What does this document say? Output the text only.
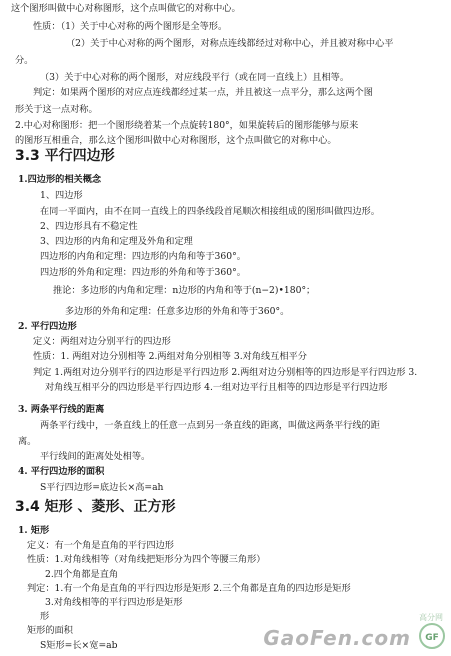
这个图形叫做中心对称图形，这个点叫做它的对称中心。
性质：（1）关于中心对称的两个图形是全等形。
（2）关于中心对称的两个图形，对称点连线都经过对称中心，并且被对称中心平
分。
（3）关于中心对称的两个图形，对应线段平行（或在同一直线上）且相等。
判定：如果两个图形的对应点连线都经过某一点，并且被这一点平分，那么这两个图
形关于这一点对称。
2.中心对称图形：把一个图形绕着某一个点旋转180°，如果旋转后的图形能够与原来
的图形互相重合，那么这个图形叫做中心对称图形，这个点叫做它的对称中心。
3.3 平行四边形
1.四边形的相关概念
1、四边形
在同一平面内，由不在同一直线上的四条线段首尾顺次相接组成的图形叫做四边形。
2、四边形具有不稳定性
3、四边形的内角和定理及外角和定理
四边形的内角和定理：四边形的内角和等于360°。
四边形的外角和定理：四边形的外角和等于360°。
推论：多边形的内角和定理：n边形的内角和等于(n−2)•180°；
多边形的外角和定理：任意多边形的外角和等于360°。
2. 平行四边形
定义：两组对边分别平行的四边形
性质：1. 两组对边分别相等 2.两组对角分别相等 3.对角线互相平分
判定 1.两组对边分别平行的四边形是平行四边形 2.两组对边分别相等的四边形是平行四边形 3.
对角线互相平分的四边形是平行四边形 4.一组对边平行且相等的四边形是平行四边形
3. 两条平行线的距离
两条平行线中，一条直线上的任意一点到另一条直线的距离，叫做这两条平行线的距
离。
平行线间的距离处处相等。
4. 平行四边形的面积
S平行四边形=底边长×高=ah
3.4 矩形 、菱形、正方形
1. 矩形
定义：有一个角是直角的平行四边形
性质：1.对角线相等（对角线把矩形分为四个等腰三角形）
2.四个角都是直角
判定：1.有一个角是直角的平行四边形是矩形 2.三个角都是直角的四边形是矩形
3.对角线相等的平行四边形是矩形
形
矩形的面积
S矩形=长×宽=ab	GaoFen.com	GF
高分网
